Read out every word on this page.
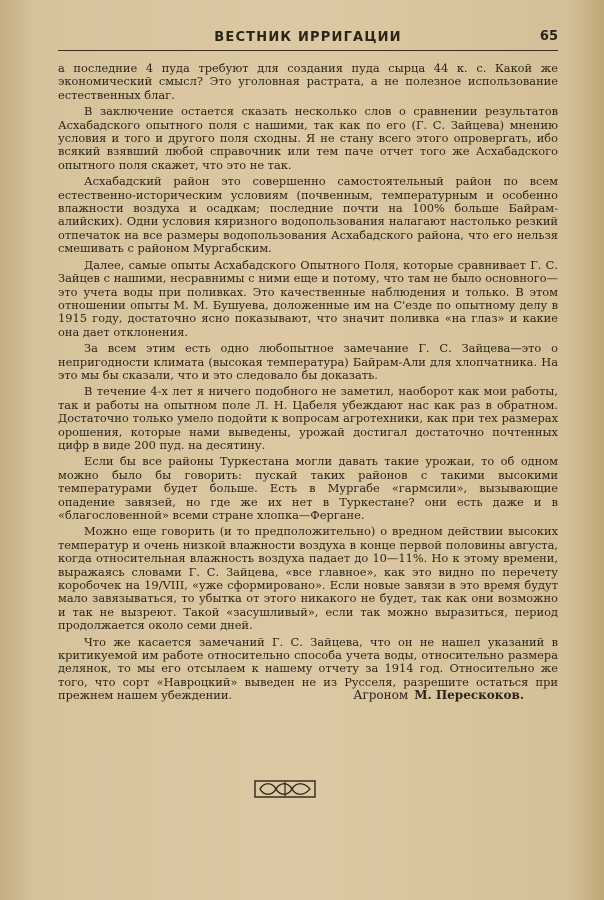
ВЕСТНИК ИРРИГАЦИИ	65

а последние 4 пуда требуют для создания пуда сырца 44 к. с. Какой же экономический смысл? Это уголовная растрата, а не полезное использование естественных благ.

В заключение остается сказать несколько слов о сравнении результатов Асхабадского опытного поля с нашими, так как по его (Г. С. Зайцева) мнению условия и того и другого поля сходны. Я не стану всего этого опровергать, ибо всякий взявший любой справочник или тем паче отчет того же Асхабадского опытного поля скажет, что это не так.

Асхабадский район это совершенно самостоятельный район по всем естественно-историческим условиям (почвенным, температурным и особенно влажности воздуха и осадкам; последние почти на 100% больше Байрам-алийских). Одни условия кяризного водопользования налагают настолько резкий отпечаток на все размеры водопользования Асхабадского района, что его нельзя смешивать с районом Мургабским.

Далее, самые опыты Асхабадского Опытного Поля, которые сравнивает Г. С. Зайцев с нашими, несравнимы с ними еще и потому, что там не было основного—это учета воды при поливках. Это качественные наблюдения и только. В этом отношении опыты М. М. Бушуева, доложенные им на С'езде по опытному делу в 1915 году, достаточно ясно показывают, что значит поливка «на глаз» и какие она дает отклонения.

За всем этим есть одно любопытное замечание Г. С. Зайцева—это о непригодности климата (высокая температура) Байрам-Али для хлопчатника. На это мы бы сказали, что и это следовало бы доказать.

В течение 4-х лет я ничего подобного не заметил, наоборот как мои работы, так и работы на опытном поле Л. Н. Цабеля убеждают нас как раз в обратном. Достаточно только умело подойти к вопросам агротехники, как при тех размерах орошения, которые нами выведены, урожай достигал достаточно почтенных цифр в виде 200 пуд. на десятину.

Если бы все районы Туркестана могли давать такие урожаи, то об одном можно было бы говорить: пускай таких районов с такими высокими температурами будет больше. Есть в Мургабе «гармсили», вызывающие опадение завязей, но где же их нет в Туркестане? они есть даже и в «благословенной» всеми стране хлопка—Фергане.

Можно еще говорить (и то предположительно) о вредном действии высоких температур и очень низкой влажности воздуха в конце первой половины августа, когда относительная влажность воздуха падает до 10—11%. Но к этому времени, выражаясь словами Г. С. Зайцева, «все главное», как это видно по перечету коробочек на 19/VIII, «уже сформировано». Если новые завязи в это время будут мало завязываться, то убытка от этого никакого не будет, так как они возможно и так не вызреют. Такой «засушливый», если так можно выразиться, период продолжается около семи дней.

Что же касается замечаний Г. С. Зайцева, что он не нашел указаний в критикуемой им работе относительно способа учета воды, относительно размера делянок, то мы его отсылаем к нашему отчету за 1914 год. Относительно же того, что сорт «Навроцкий» выведен не из Русселя, разрешите остаться при прежнем нашем убеждении.	Агроном М. Перескоков.
